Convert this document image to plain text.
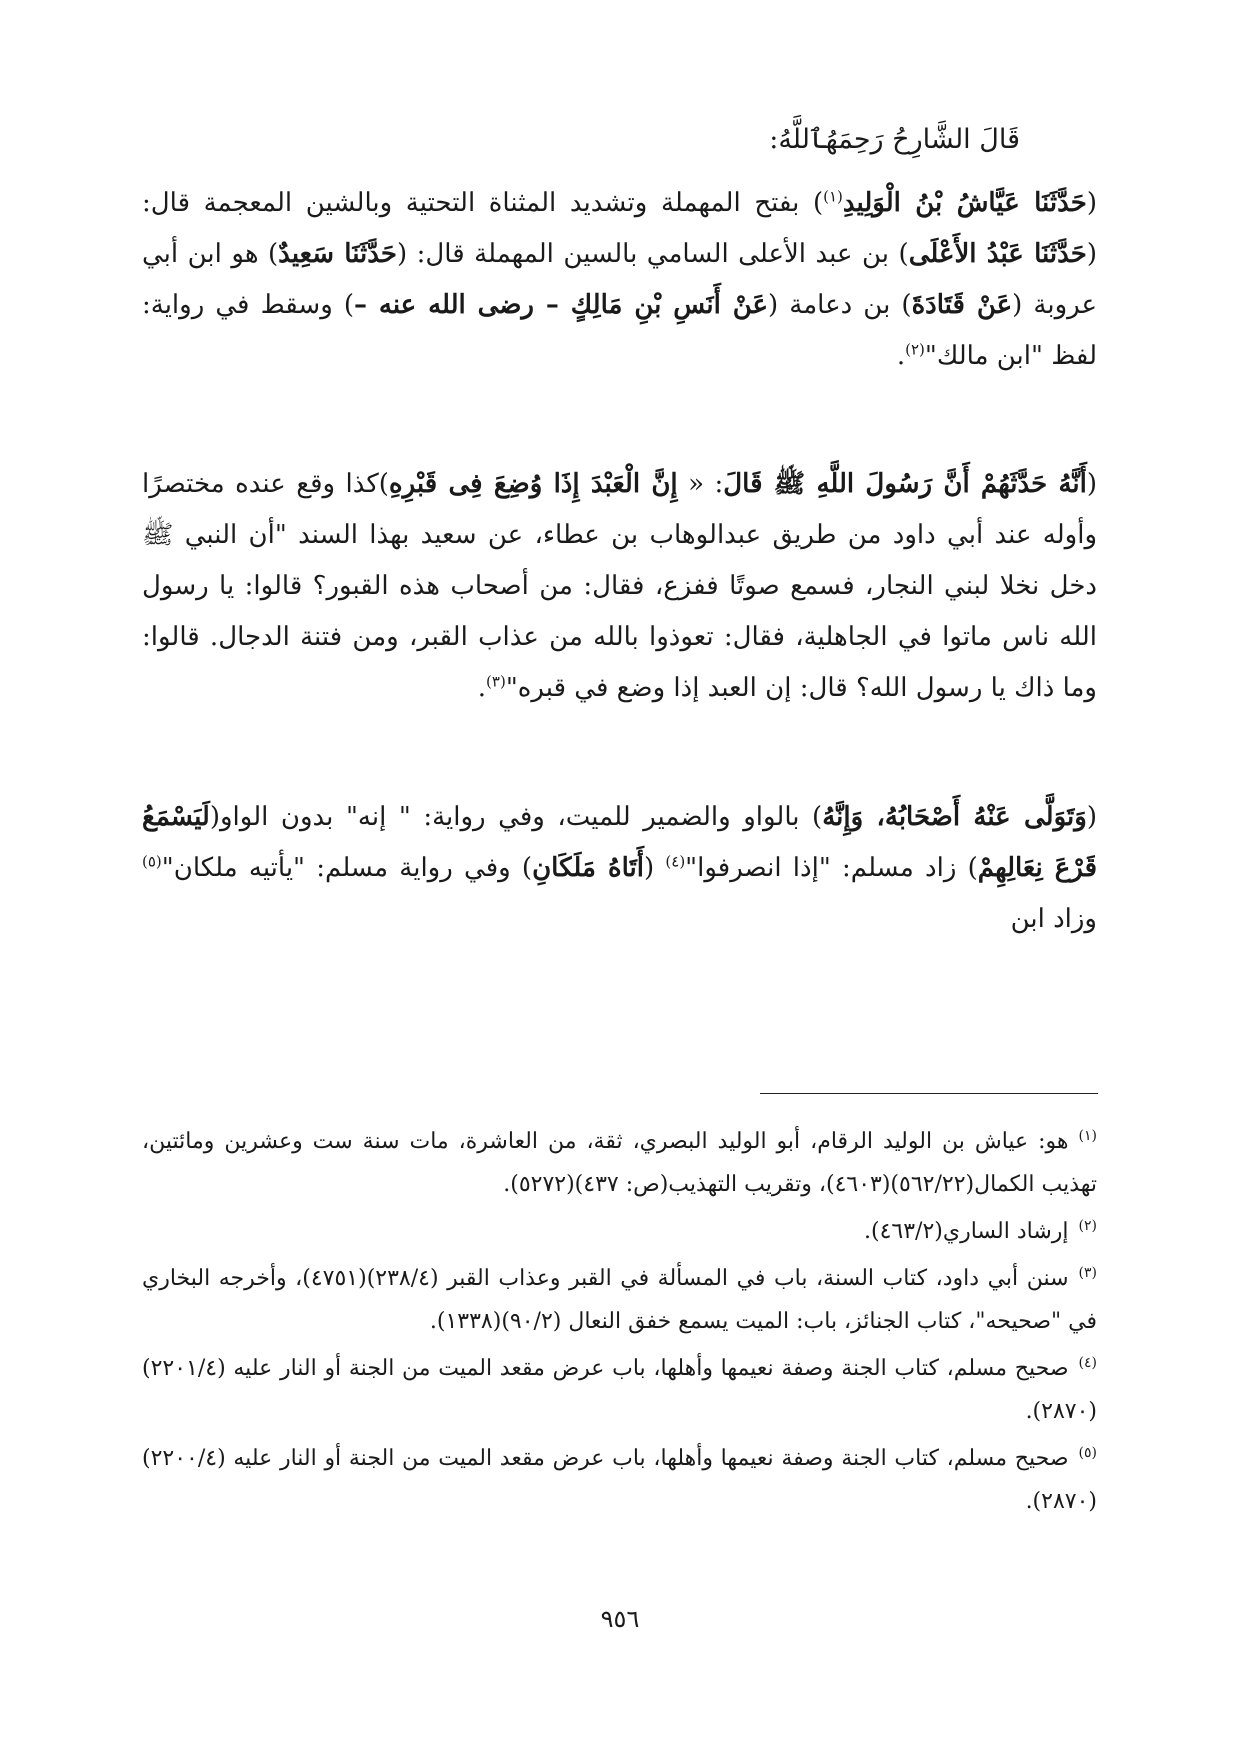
قَالَ الشَّارِحُ رَحِمَهُٱللَّهُ:
(حَدَّثَنَا عَيَّاشُ بْنُ الْوَلِيدِ$^{(١)}$) بفتح المهملة وتشديد المثناة التحتية وبالشين المعجمة قال: (حَدَّثَنَا عَبْدُ الأَعْلَى) بن عبد الأعلى السامي بالسين المهملة قال: (حَدَّثَنَا سَعِيدٌ) هو ابن أبي عروبة (عَنْ قَتَادَةَ) بن دعامة (عَنْ أَنَسِ بْنِ مَالِكٍ – رضى الله عنه –) وسقط في رواية: لفظ "ابن مالك"$^{(٢)}$.
(أَنَّهُ حَدَّثَهُمْ أَنَّ رَسُولَ اللَّهِ ﷺ قَالَ: « إِنَّ الْعَبْدَ إِذَا وُضِعَ فِى قَبْرِهِ)كذا وقع عنده مختصرًا وأوله عند أبي داود من طريق عبدالوهاب بن عطاء، عن سعيد بهذا السند "أن النبي ﷺ دخل نخلا لبني النجار، فسمع صوتًا ففزع، فقال: من أصحاب هذه القبور؟ قالوا: يا رسول الله ناس ماتوا في الجاهلية، فقال: تعوذوا بالله من عذاب القبر، ومن فتنة الدجال. قالوا: وما ذاك يا رسول الله؟ قال: إن العبد إذا وضع في قبره"$^{(٣)}$.
(وَتَوَلَّى عَنْهُ أَصْحَابُهُ، وَإِنَّهُ) بالواو والضمير للميت، وفي رواية: " إنه" بدون الواو(لَيَسْمَعُ قَرْعَ نِعَالِهِمْ) زاد مسلم: "إذا انصرفوا"$^{(٤)}$ (أَتَاهُ مَلَكَانِ) وفي رواية مسلم: "يأتيه ملكان"$^{(٥)}$ وزاد ابن

$^{(١)}$هو: عياش بن الوليد الرقام، أبو الوليد البصري، ثقة، من العاشرة، مات سنة ست وعشرين ومائتين، تهذيب الكمال(٥٦٢/٢٢)(٤٦٠٣)، وتقريب التهذيب(ص: ٤٣٧)(٥٢٧٢).

$^{(٢)}$إرشاد الساري(٤٦٣/٢).

$^{(٣)}$سنن أبي داود، كتاب السنة، باب في المسألة في القبر وعذاب القبر (٢٣٨/٤)(٤٧٥١)، وأخرجه البخاري في "صحيحه"، كتاب الجنائز، باب: الميت يسمع خفق النعال (٩٠/٢)(١٣٣٨).

$^{(٤)}$صحيح مسلم، كتاب الجنة وصفة نعيمها وأهلها، باب عرض مقعد الميت من الجنة أو النار عليه (٢٢٠١/٤)(٢٨٧٠).

$^{(٥)}$صحيح مسلم، كتاب الجنة وصفة نعيمها وأهلها، باب عرض مقعد الميت من الجنة أو النار عليه (٢٢٠٠/٤)(٢٨٧٠).

٩٥٦
